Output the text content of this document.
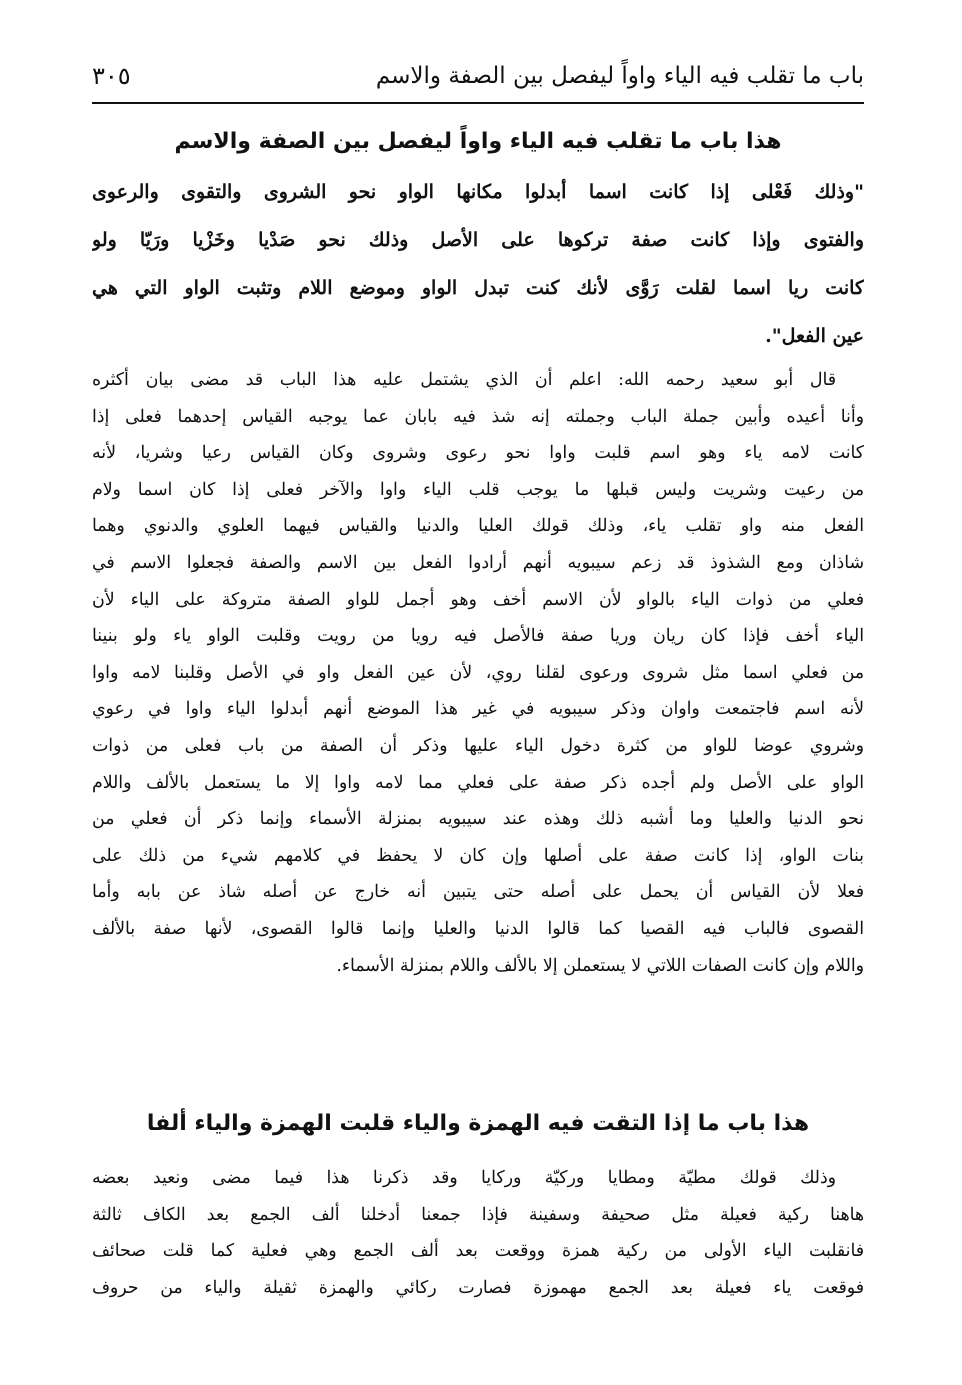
٣٠٥	باب ما تقلب فيه الياء واواً ليفصل بين الصفة والاسم
هذا باب ما تقلب فيه الياء واواً ليفصل بين الصفة والاسم

"وذلك فَعْلى إذا كانت اسما أبدلوا مكانها الواو نحو الشروى والتقوى والرعوى
والفتوى وإذا كانت صفة تركوها على الأصل وذلك نحو صَدْيا وخَزْيا ورَيّا ولو
كانت ريا اسما لقلت رَوَّى لأنك كنت تبدل الواو وموضع اللام وتثبت الواو التي هي
عين الفعل".

قال أبو سعيد رحمه الله: اعلم أن الذي يشتمل عليه هذا الباب قد مضى بيان أكثره
وأنا أعيده وأبين جملة الباب وجملته إنه شذ فيه بابان عما يوجبه القياس إحدهما فعلى إذا
كانت لامه ياء وهو اسم قلبت واوا نحو رعوى وشروى وكان القياس رعيا وشريا، لأنه
من رعيت وشريت وليس قبلها ما يوجب قلب الياء واوا والآخر فعلى إذا كان اسما ولام
الفعل منه واو تقلب ياء، وذلك قولك العليا والدنيا والقياس فيهما العلوي والدنوي وهما
شاذان ومع الشذوذ قد زعم سيبويه أنهم أرادوا الفعل بين الاسم والصفة فجعلوا الاسم في
فعلي من ذوات الياء بالواو لأن الاسم أخف وهو أجمل للواو الصفة متروكة على الياء لأن
الياء أخف فإذا كان ريان وريا صفة فالأصل فيه رويا من رويت وقلبت الواو ياء ولو بنينا
من فعلي اسما مثل شروى ورعوى لقلنا روي، لأن عين الفعل واو في الأصل وقلبنا لامه واوا
لأنه اسم فاجتمعت واوان وذكر سيبويه في غير هذا الموضع أنهم أبدلوا الياء واوا في رعوي
وشروي عوضا للواو من كثرة دخول الياء عليها وذكر أن الصفة من باب فعلى من ذوات
الواو على الأصل ولم أجده ذكر صفة على فعلي مما لامه واوا إلا ما يستعمل بالألف واللام
نحو الدنيا والعليا وما أشبه ذلك وهذه عند سيبويه بمنزلة الأسماء وإنما ذكر أن فعلي من
بنات الواو، إذا كانت صفة على أصلها وإن كان لا يحفظ في كلامهم شيء من ذلك على
فعلا لأن القياس أن يحمل على أصله حتى يتبين أنه خارج عن أصله شاذ عن بابه وأما
القصوى فالباب فيه القصيا كما قالوا الدنيا والعليا وإنما قالوا القصوى، لأنها صفة بالألف
واللام وإن كانت الصفات اللاتي لا يستعملن إلا بالألف واللام بمنزلة الأسماء.

هذا باب ما إذا التقت فيه الهمزة والياء قلبت الهمزة والياء ألفا

وذلك قولك مطيّة ومطايا وركيّة وركايا وقد ذكرنا هذا فيما مضى ونعيد بعضه
هاهنا ركية فعيلة مثل صحيفة وسفينة فإذا جمعنا أدخلنا ألف الجمع بعد الكاف ثالثة
فانقلبت الياء الأولى من ركية همزة ووقعت بعد ألف الجمع وهي فعلية كما قلت صحائف
فوقعت ياء فعيلة بعد الجمع مهموزة فصارت ركائي والهمزة ثقيلة والياء من حروف
